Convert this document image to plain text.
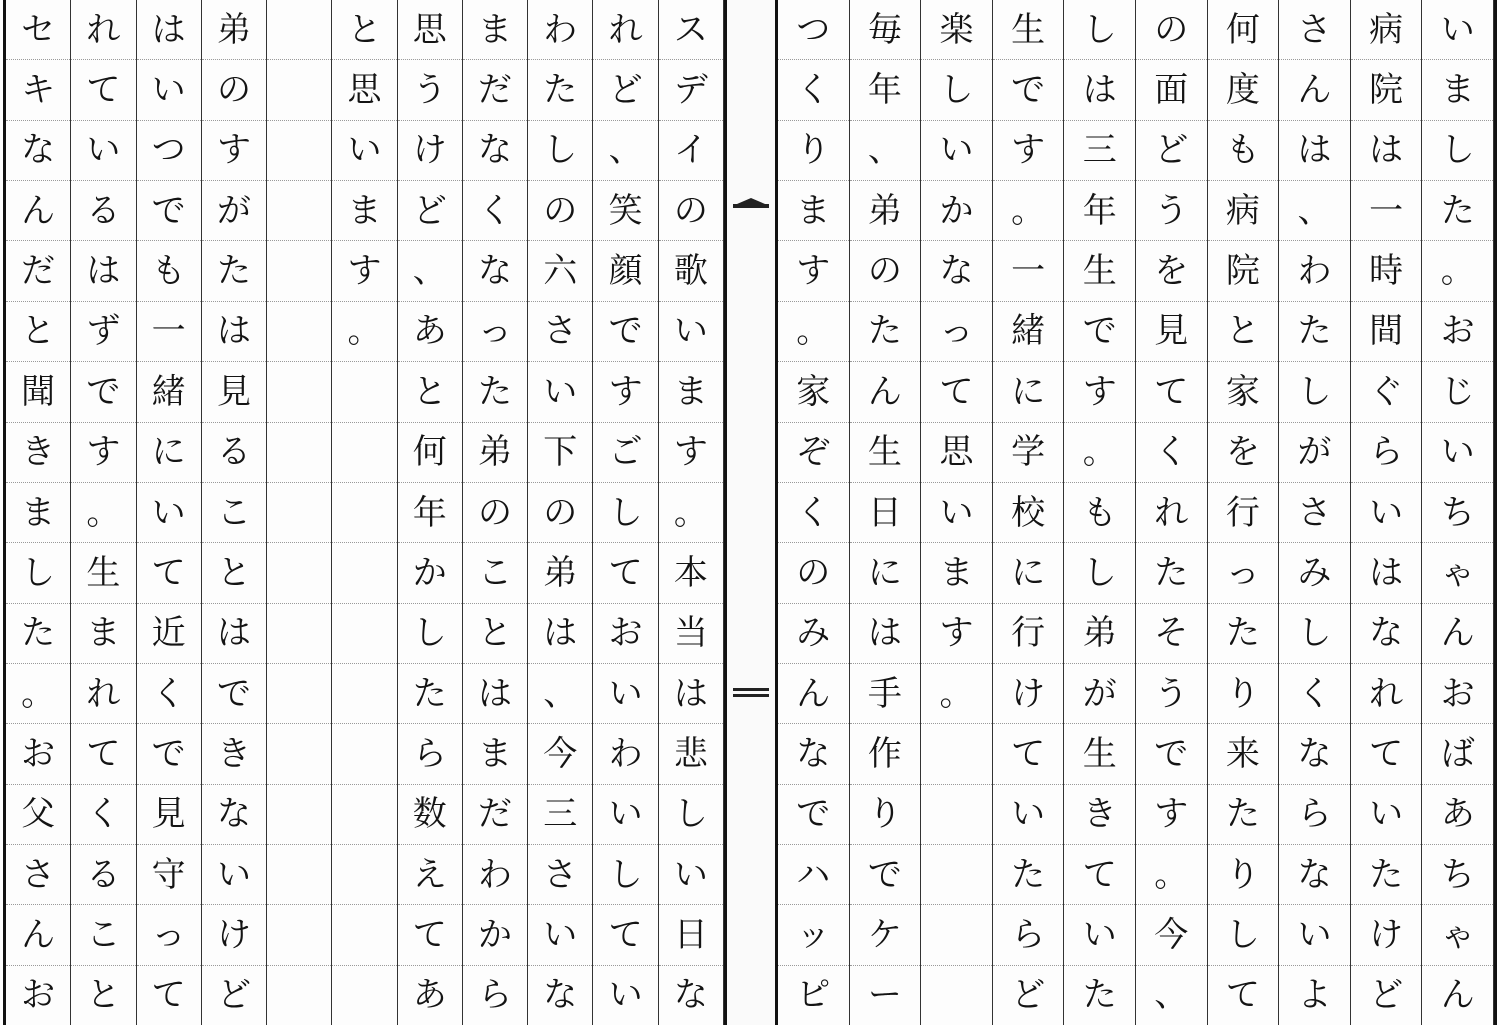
ス
デ
イ
の
歌
い
ま
す
。
本
当
は
悲
し
い
日
な
れ
ど
、
笑
顔
で
す
ご
し
て
お
い
わ
い
し
て
い
わ
た
し
の
六
さ
い
下
の
弟
は
、
今
三
さ
い
な
ま
だ
な
く
な
っ
た
弟
の
こ
と
は
ま
だ
わ
か
ら
思
う
け
ど
、
あ
と
何
年
か
し
た
ら
数
え
て
あ
と
思
い
ま
す
。
弟
の
す
が
た
は
見
る
こ
と
は
で
き
な
い
け
ど
は
い
つ
で
も
一
緒
に
い
て
近
く
で
見
守
っ
て
れ
て
い
る
は
ず
で
す
。
生
ま
れ
て
く
る
こ
と
セ
キ
な
ん
だ
と
聞
き
ま
し
た
。
お
父
さ
ん
お
い
ま
し
た
。
お
じ
い
ち
ゃ
ん
お
ば
あ
ち
ゃ
ん
病
院
は
一
時
間
ぐ
ら
い
は
な
れ
て
い
た
け
ど
さ
ん
は
、
わ
た
し
が
さ
み
し
く
な
ら
な
い
よ
何
度
も
病
院
と
家
を
行
っ
た
り
来
た
り
し
て
の
面
ど
う
を
見
て
く
れ
た
そ
う
で
す
。
今
、
し
は
三
年
生
で
す
。
も
し
弟
が
生
き
て
い
た
生
で
す
。
一
緒
に
学
校
に
行
け
て
い
た
ら
ど
楽
し
い
か
な
っ
て
思
い
ま
す
。
毎
年
、
弟
の
た
ん
生
日
に
は
手
作
り
で
ケ
ー
つ
く
り
ま
す
。
家
ぞ
く
の
み
ん
な
で
ハ
ッ
ピ
